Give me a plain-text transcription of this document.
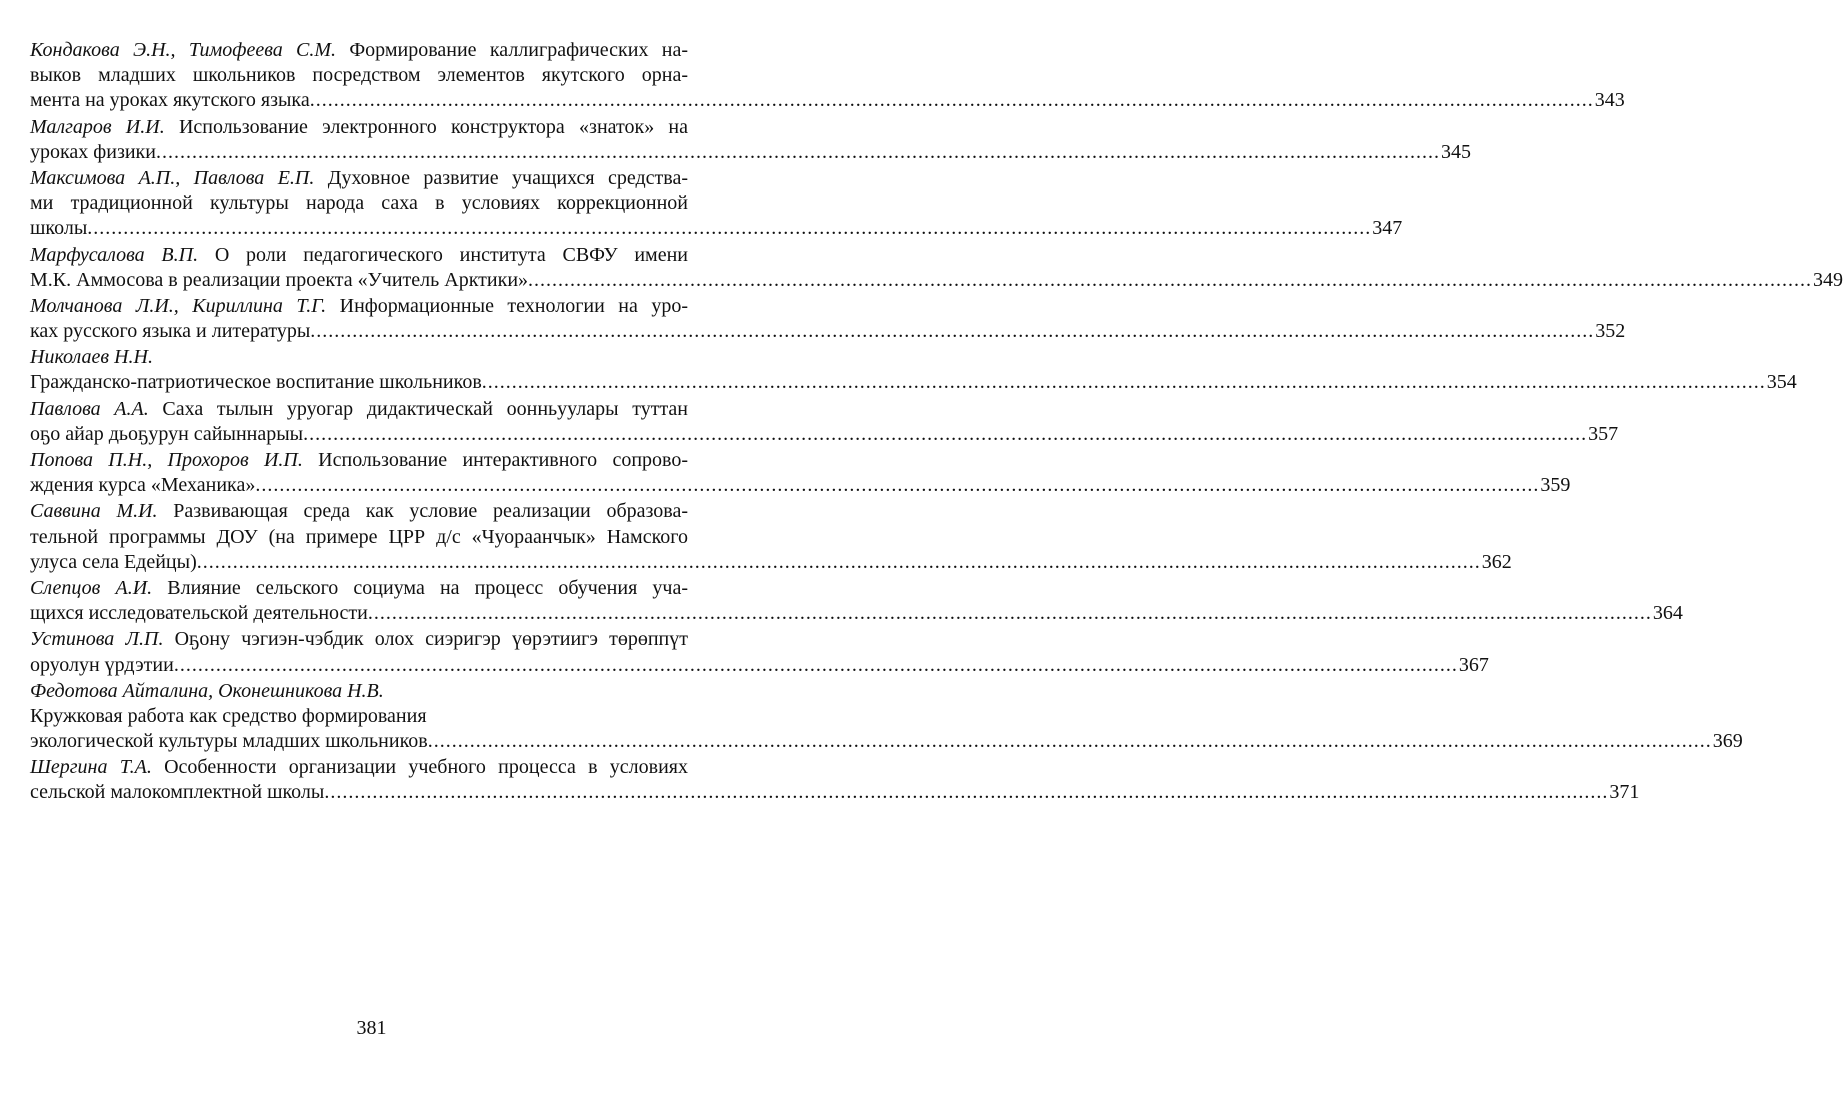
Кондакова Э.Н., Тимофеева С.М. Формирование каллиграфических на-
выков младших школьников посредством элементов якутского орна-
мента на уроках якутского языка .....	343
Малгаров И.И. Использование электронного конструктора «знаток» на
уроках физики .....	345
Максимова А.П., Павлова Е.П. Духовное развитие учащихся средства-
ми традиционной культуры народа саха в условиях коррекционной
школы .....	347
Марфусалова В.П. О роли педагогического института СВФУ имени
М.К. Аммосова в реализации проекта «Учитель Арктики» .....	349
Молчанова Л.И., Кириллина Т.Г. Информационные технологии на уро-
ках русского языка и литературы .....	352
Николаев Н.Н.
Гражданско-патриотическое воспитание школьников .....	354
Павлова А.А. Саха тылын уруогар дидактическай оонньуулары туттан
оҕо айар дьоҕурун сайыннарыы .....	357
Попова П.Н., Прохоров И.П. Использование интерактивного сопрово-
ждения курса «Механика» .....	359
Саввина М.И. Развивающая среда как условие реализации образова-
тельной программы ДОУ (на примере ЦРР д/с «Чуораанчык» Намского
улуса села Едейцы) .....	362
Слепцов А.И. Влияние сельского социума на процесс обучения уча-
щихся исследовательской деятельности .....	364
Устинова Л.П. Оҕону чэгиэн-чэбдик олох сиэригэр үөрэтиигэ төрөппүт
оруолун үрдэтии .....	367
Федотова Айталина, Оконешникова Н.В.
Кружковая работа как средство формирования
экологической культуры младших школьников .....	369
Шергина Т.А. Особенности организации учебного процесса в условиях
сельской малокомплектной школы .....	371
381
